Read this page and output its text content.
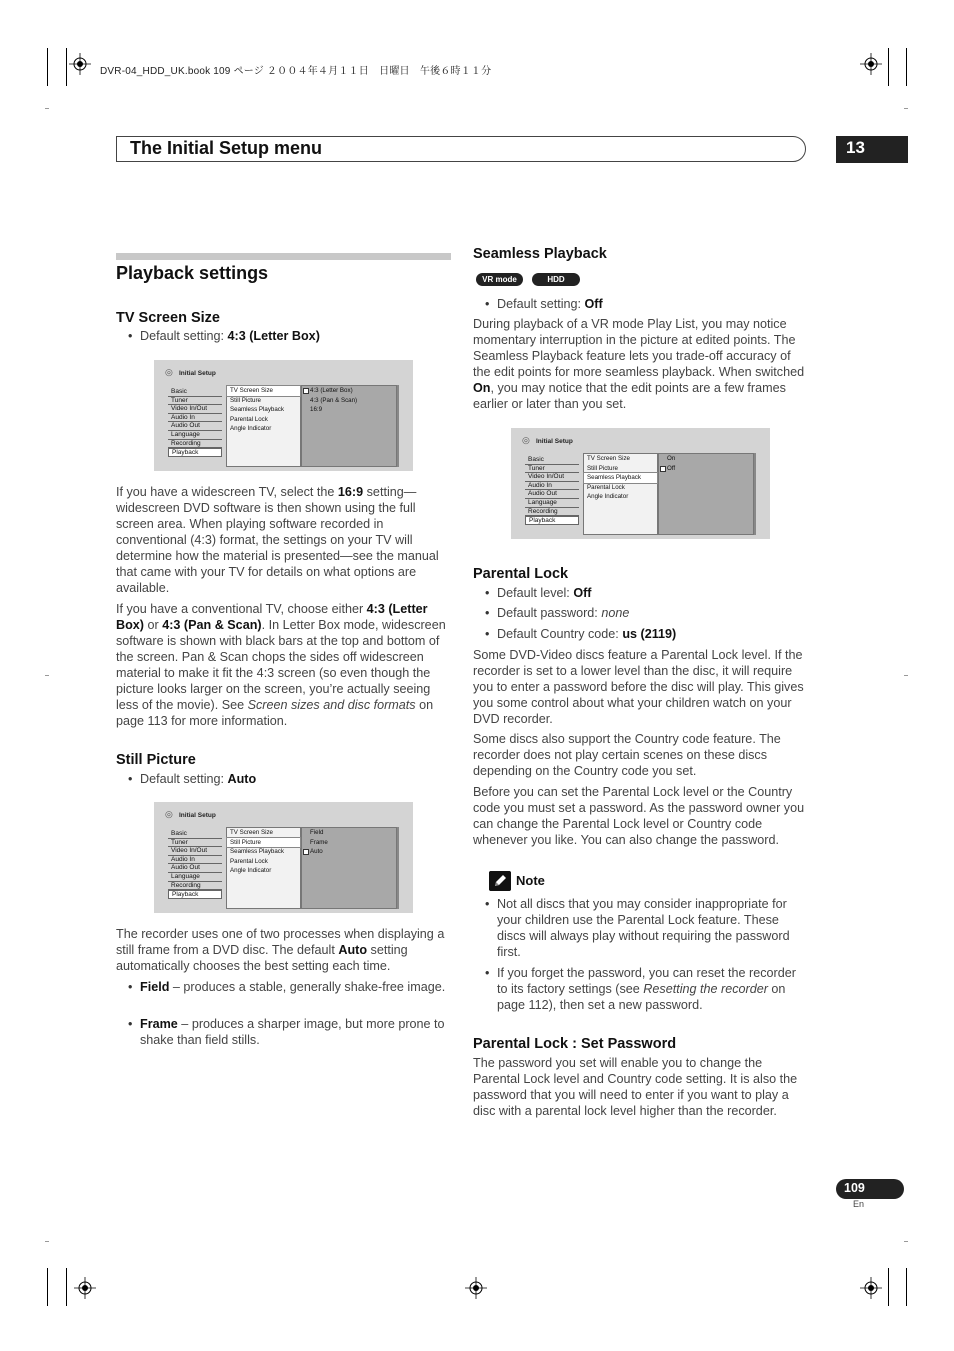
DVR-04_HDD_UK.book 109 ページ ２００４年４月１１日　日曜日　午後６時１１分
The Initial Setup menu	13
Playback settings
TV Screen Size
• Default setting: 4:3 (Letter Box)
◎ Initial Setup
Basic
Tuner
Video In/Out
Audio In
Audio Out
Language
Recording
Playback
TV Screen Size
Still Picture
Seamless Playback
Parental Lock
Angle Indicator
4:3 (Letter Box)
4:3 (Pan & Scan)
16:9

If you have a widescreen TV, select the 16:9 setting—widescreen DVD software is then shown using the full screen area. When playing software recorded in conventional (4:3) format, the settings on your TV will determine how the material is presented—see the manual that came with your TV for details on what options are available.

If you have a conventional TV, choose either 4:3 (Letter Box) or 4:3 (Pan & Scan). In Letter Box mode, widescreen software is shown with black bars at the top and bottom of the screen. Pan & Scan chops the sides off widescreen material to make it fit the 4:3 screen (so even though the picture looks larger on the screen, you’re actually seeing less of the movie). See Screen sizes and disc formats on page 113 for more information.

Still Picture
• Default setting: Auto
◎ Initial Setup
Basic
Tuner
Video In/Out
Audio In
Audio Out
Language
Recording
Playback
TV Screen Size
Still Picture
Seamless Playback
Parental Lock
Angle Indicator
Field
Frame
Auto

The recorder uses one of two processes when displaying a still frame from a DVD disc. The default Auto setting automatically chooses the best setting each time.

• Field – produces a stable, generally shake-free image.
• Frame – produces a sharper image, but more prone to shake than field stills.
Seamless Playback
VR mode	HDD
• Default setting: Off

During playback of a VR mode Play List, you may notice momentary interruption in the picture at edited points. The Seamless Playback feature lets you trade-off accuracy of the edit points for more seamless playback. When switched On, you may notice that the edit points are a few frames earlier or later than you set.

◎ Initial Setup
Basic
Tuner
Video In/Out
Audio In
Audio Out
Language
Recording
Playback
TV Screen Size
Still Picture
Seamless Playback
Parental Lock
Angle Indicator
On
Off
Parental Lock
• Default level: Off
• Default password: none
• Default Country code: us (2119)

Some DVD-Video discs feature a Parental Lock level. If the recorder is set to a lower level than the disc, it will require you to enter a password before the disc will play. This gives you some control about what your children watch on your DVD recorder.

Some discs also support the Country code feature. The recorder does not play certain scenes on these discs depending on the Country code you set.

Before you can set the Parental Lock level or the Country code you must set a password. As the password owner you can change the Parental Lock level or Country code whenever you like. You can also change the password.

Note
• Not all discs that you may consider inappropriate for your children use the Parental Lock feature. These discs will always play without requiring the password first.
• If you forget the password, you can reset the recorder to its factory settings (see Resetting the recorder on page 112), then set a new password.
Parental Lock : Set Password

The password you set will enable you to change the Parental Lock level and Country code setting. It is also the password that you will need to enter if you want to play a disc with a parental lock level higher than the recorder.

109
En
